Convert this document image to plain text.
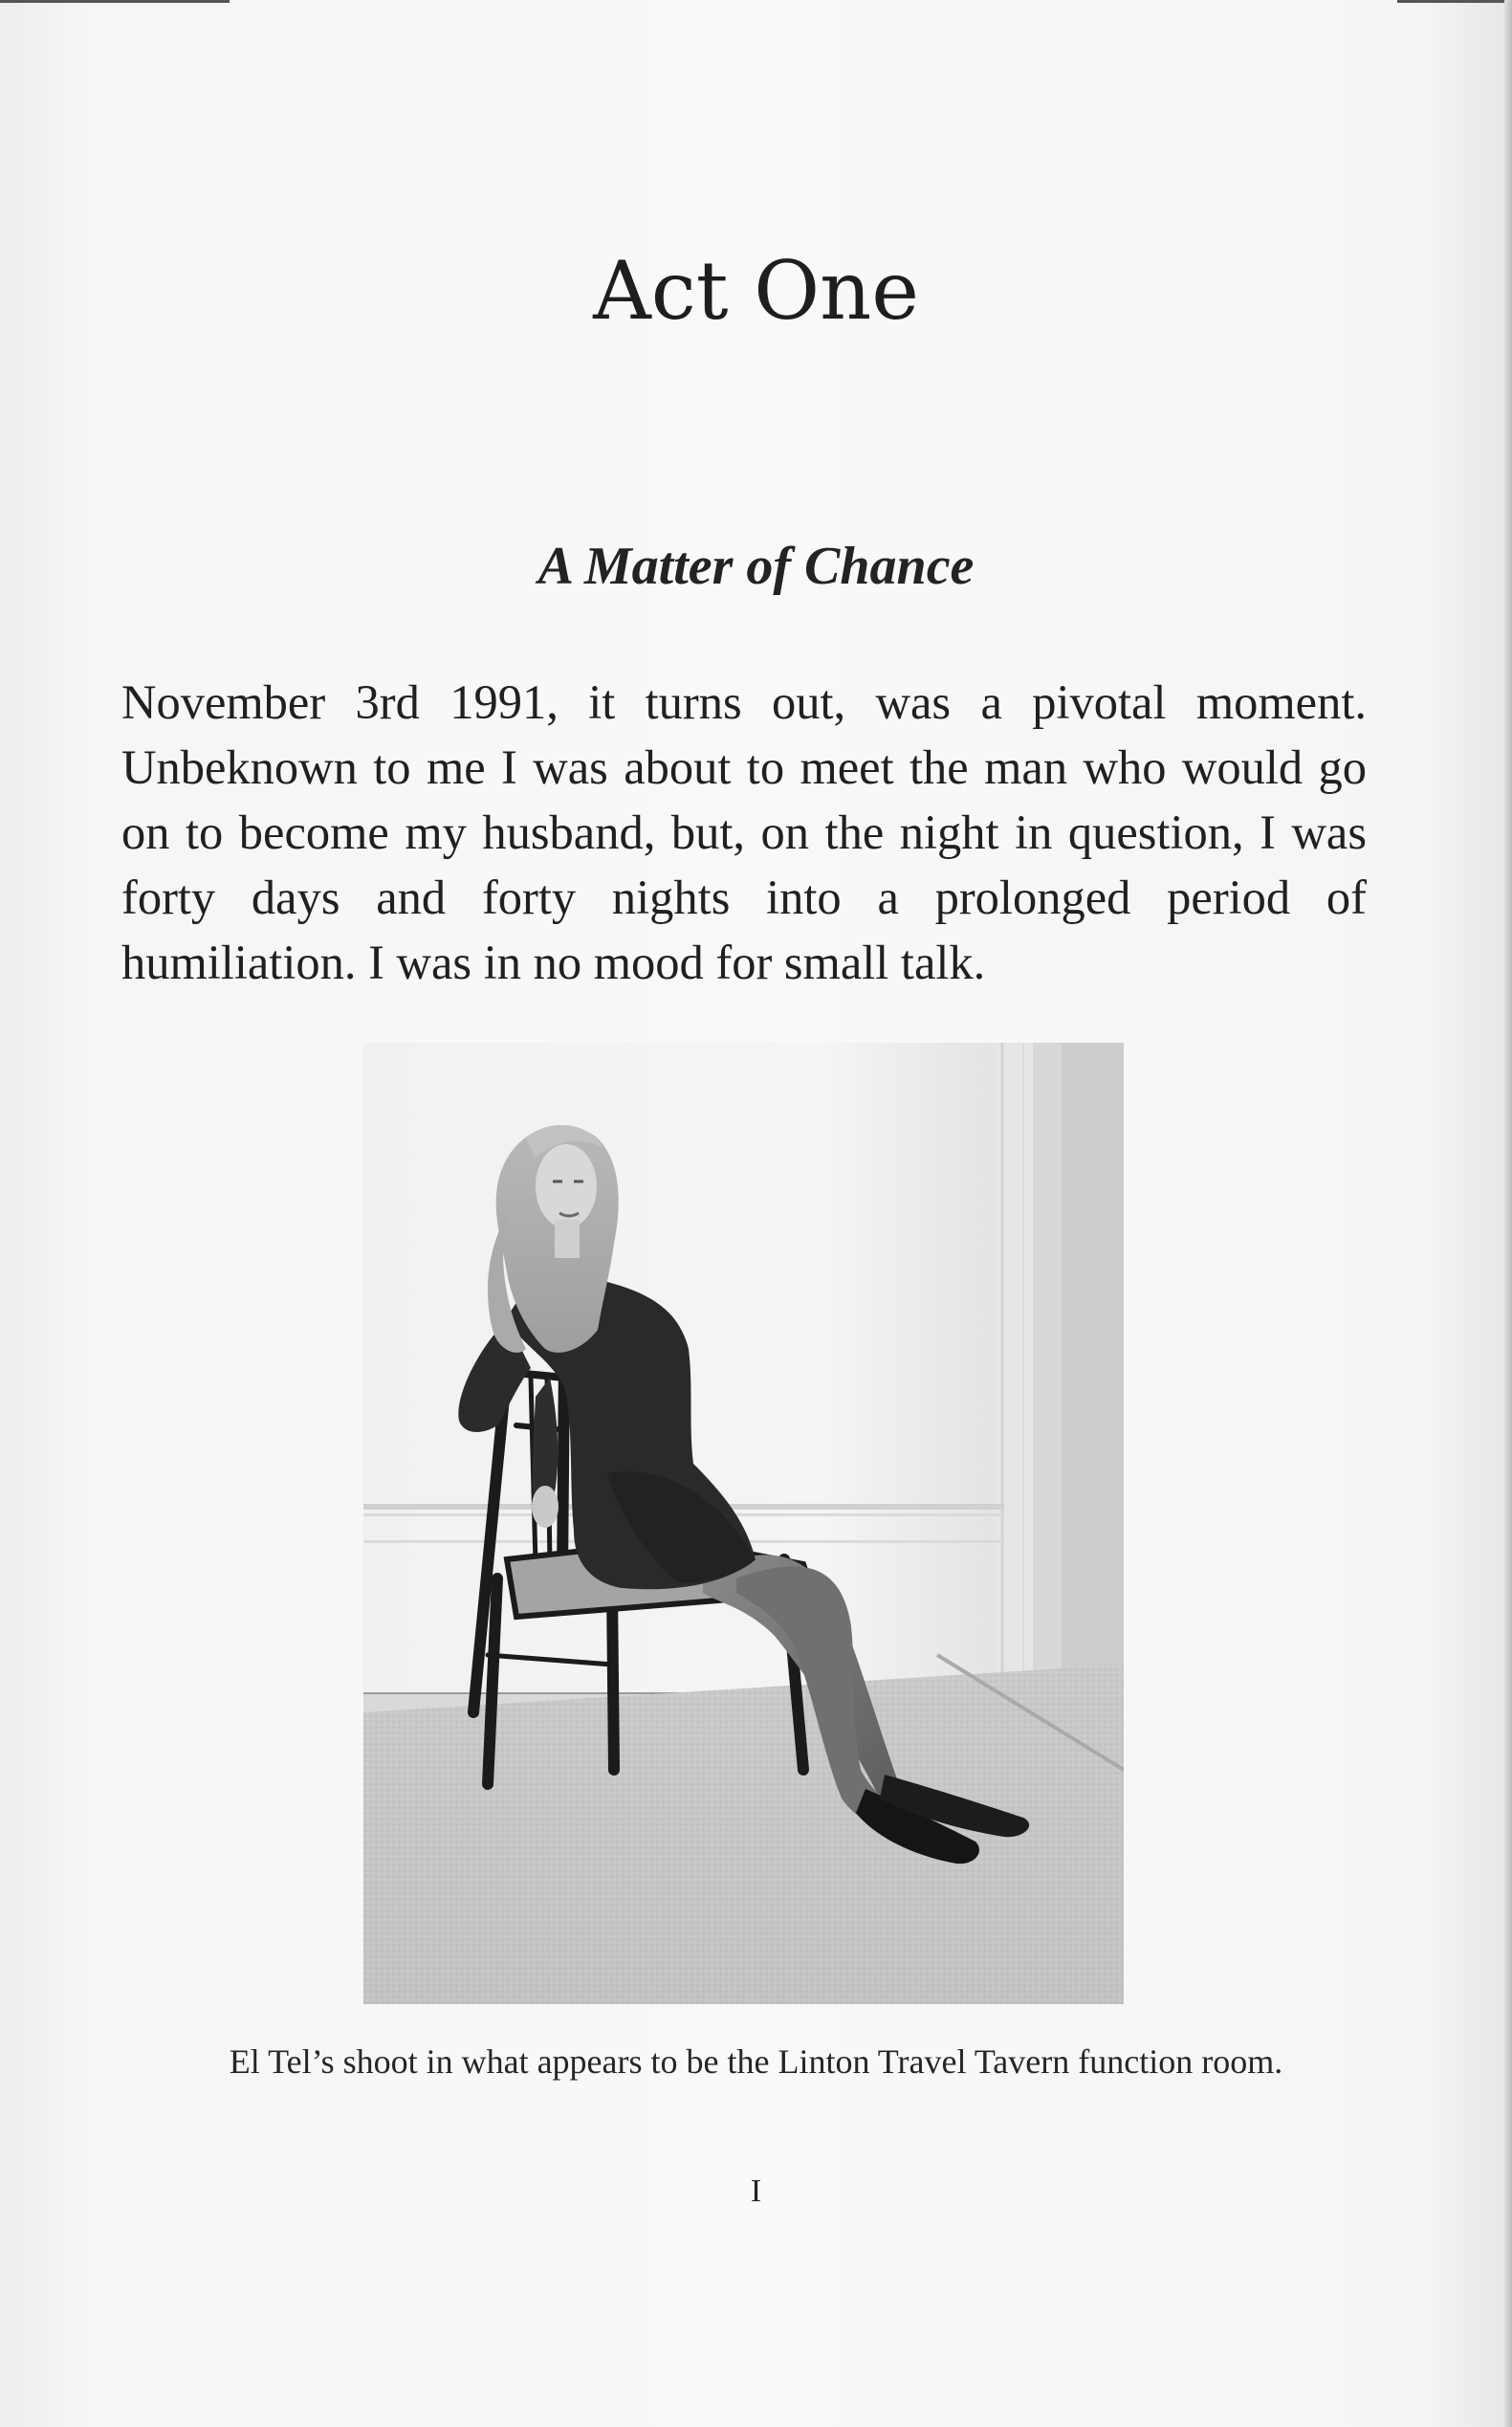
Act One
A Matter of Chance

November 3rd 1991, it turns out, was a pivotal moment. Unbeknown to me I was about to meet the man who would go on to become my husband, but, on the night in question, I was forty days and forty nights into a prolonged period of humiliation. I was in no mood for small talk.

El Tel’s shoot in what appears to be the Linton Travel Tavern function room.

I
